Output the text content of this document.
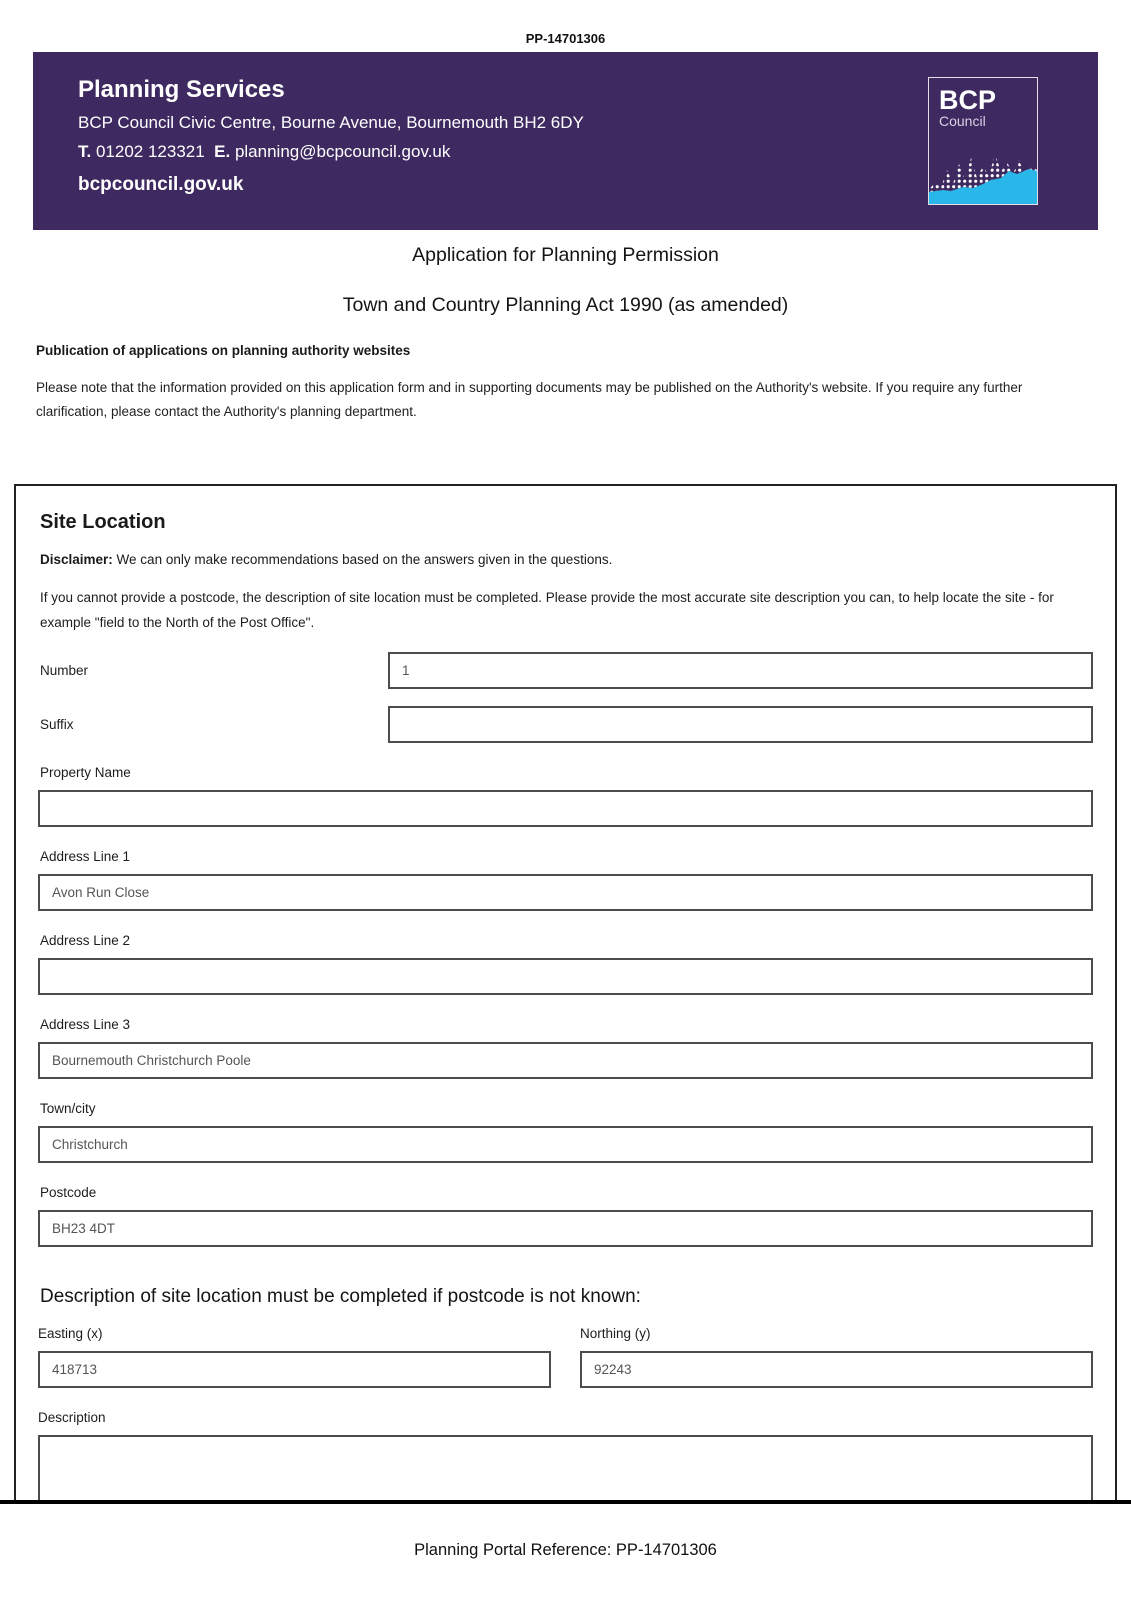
PP-14701306
Planning Services
BCP Council Civic Centre, Bourne Avenue, Bournemouth BH2 6DY
T. 01202 123321 E. planning@bcpcouncil.gov.uk
bcpcouncil.gov.uk
BCP
Council
Application for Planning Permission
Town and Country Planning Act 1990 (as amended)
Publication of applications on planning authority websites
Please note that the information provided on this application form and in supporting documents may be published on the Authority's website. If you require any further clarification, please contact the Authority's planning department.
Site Location
Disclaimer: We can only make recommendations based on the answers given in the questions.
If you cannot provide a postcode, the description of site location must be completed. Please provide the most accurate site description you can, to help locate the site - for example "field to the North of the Post Office".
Number
1
Suffix
Property Name
Address Line 1
Avon Run Close
Address Line 2
Address Line 3
Bournemouth Christchurch Poole
Town/city
Christchurch
Postcode
BH23 4DT
Description of site location must be completed if postcode is not known:
Easting (x)
418713	Northing (y)
92243
Description
Planning Portal Reference: PP-14701306
